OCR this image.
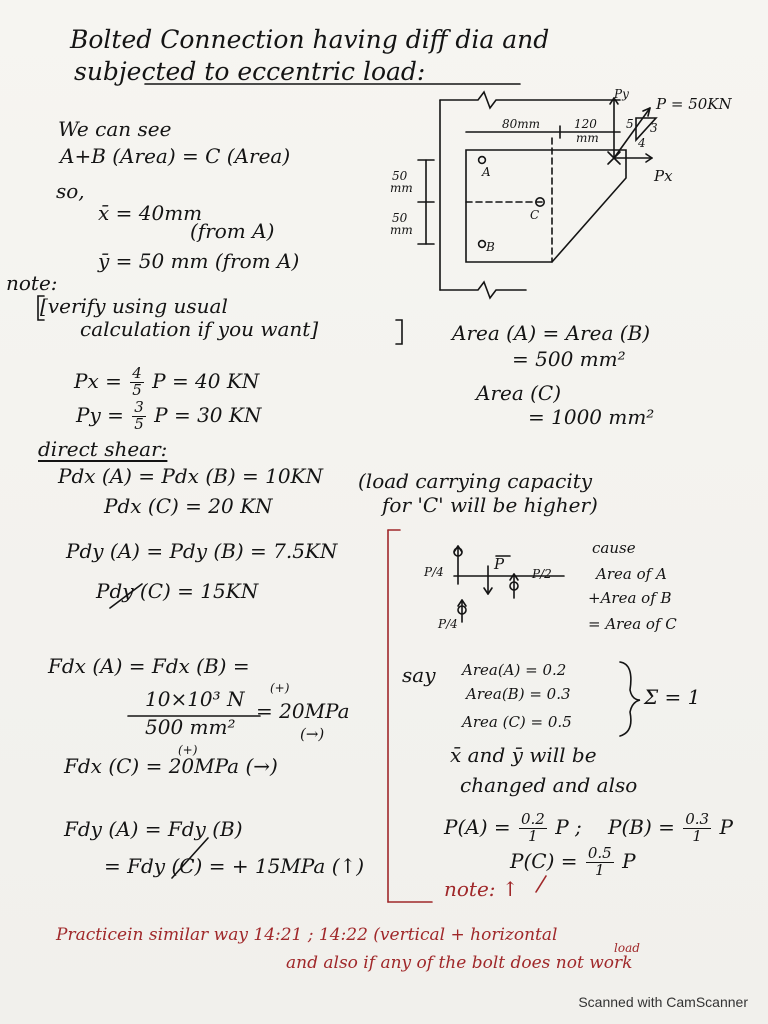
Bolted Connection having diff dia and
subjected to eccentric load:
We can see
A+B (Area) = C (Area)
so,
x̄ = 40mm
(from A)
ȳ = 50 mm (from A)
note:
[verify using usual
calculation if you want]
$Px = \frac{4}{5}$ P = 40 KN
$Py = \frac{3}{5}$ P = 30 KN
direct shear:
Pdx (A) = Pdx (B) = 10KN
Pdx (C) = 20 KN
Pdy (A) = Pdy (B) = 7.5KN
Pdy (C) = 15KN
Fdx (A) = Fdx (B) =
(+)
10×10³ N
500 mm²
= 20MPa
(→)
(+)
Fdx (C) = 20MPa (→)
Fdy (A) = Fdy (B)
= Fdy (C) = + 15MPa (↑)
80mm	120
mm
50
mm
50
mm
A
B
C
P = 50KN
Py
Px
5 3
4
Area (A) = Area (B)
= 500 mm²
Area (C)
= 1000 mm²
(load carrying capacity
for 'C' will be higher)
cause
Area of A
+Area of B
= Area of C
P
P/4	P/2
P/4
say Area(A) = 0.2
Area(B) = 0.3
Area (C) = 0.5
Σ = 1
x̄ and ȳ will be
changed and also
$P(A) = \frac{0.2}{1}$ P ; $P(B) = \frac{0.3}{1}$ P
$P(C) = \frac{0.5}{1}$ P
note: ↑
Practicein similar way 14:21 ; 14:22 (vertical + horizontal
load
and also if any of the bolt does not work
Scanned with CamScanner
